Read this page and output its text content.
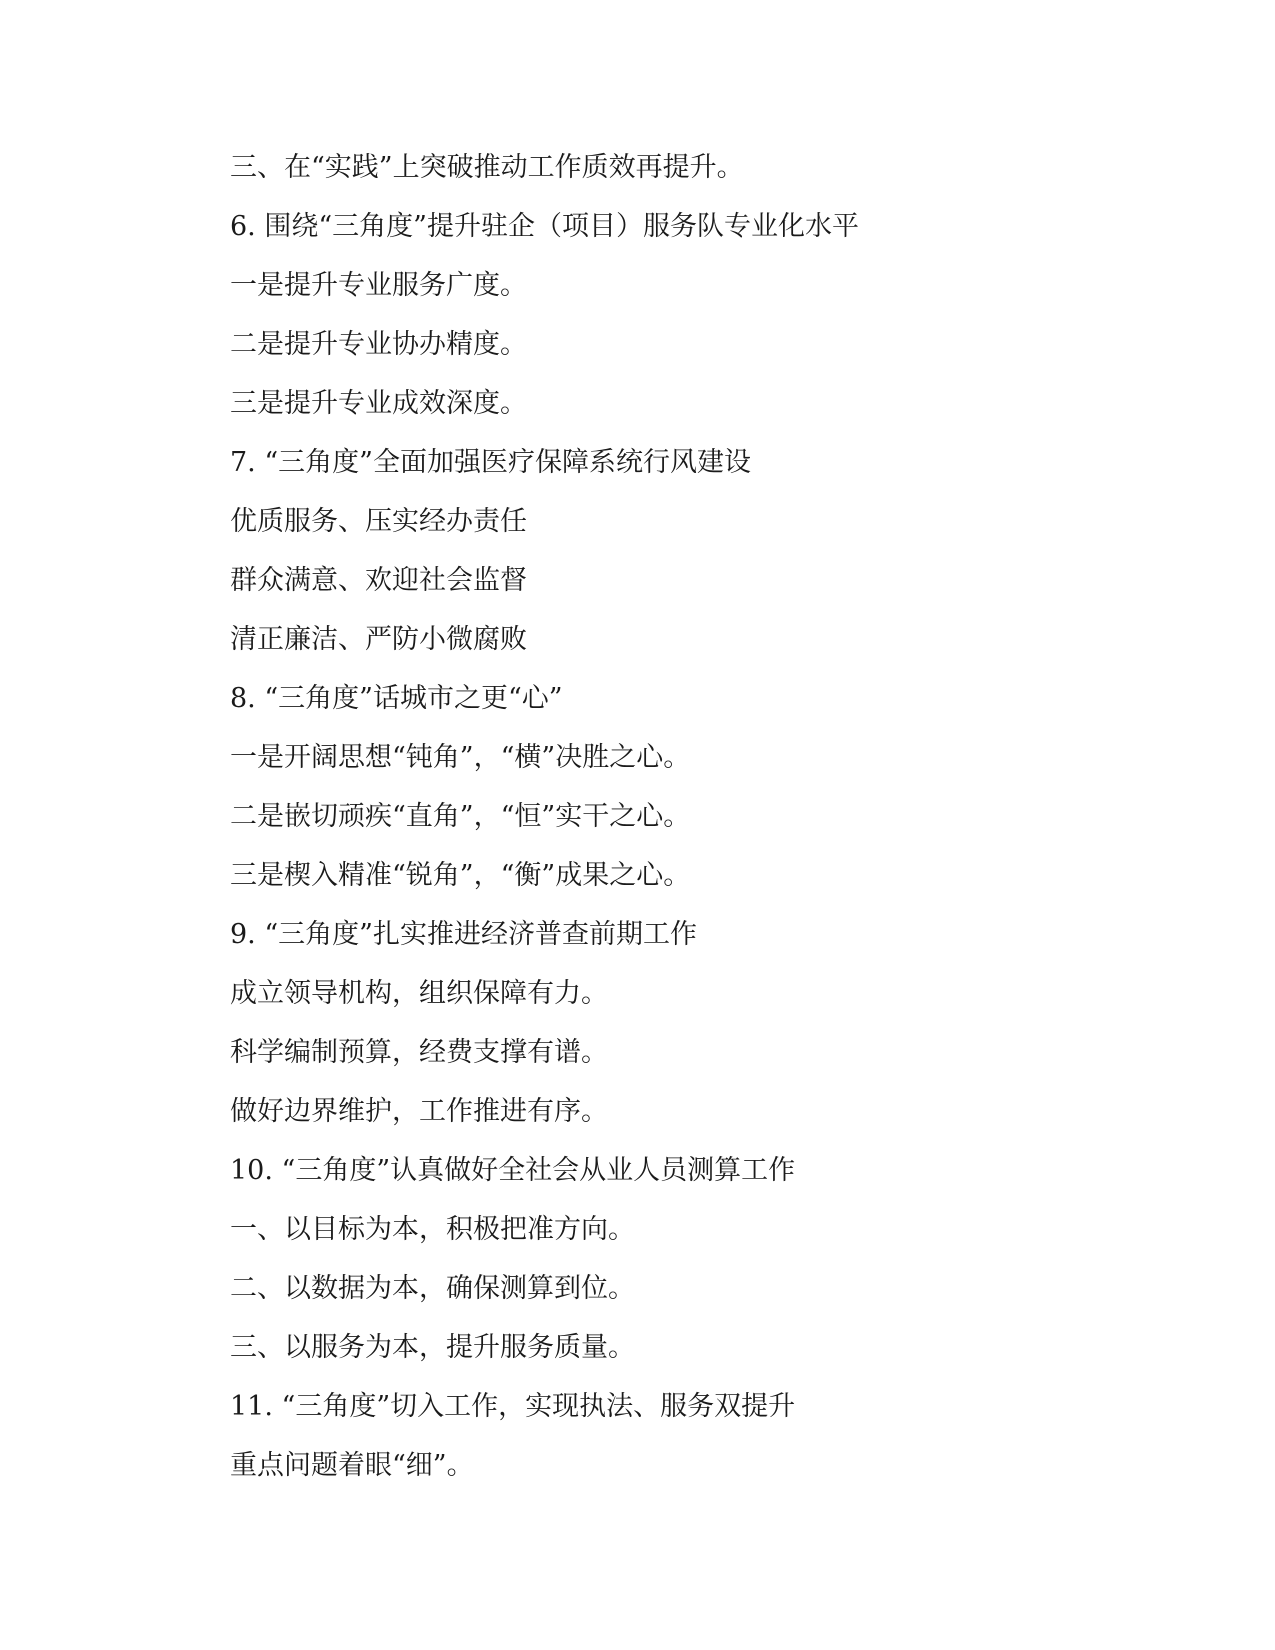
三、在“实践”上突破推动工作质效再提升。
6. 围绕“三角度”提升驻企（项目）服务队专业化水平
一是提升专业服务广度。
二是提升专业协办精度。
三是提升专业成效深度。
7. “三角度”全面加强医疗保障系统行风建设
优质服务、压实经办责任
群众满意、欢迎社会监督
清正廉洁、严防小微腐败
8. “三角度”话城市之更“心”
一是开阔思想“钝角”，“横”决胜之心。
二是嵌切顽疾“直角”，“恒”实干之心。
三是楔入精准“锐角”，“衡”成果之心。
9. “三角度”扎实推进经济普查前期工作
成立领导机构，组织保障有力。
科学编制预算，经费支撑有谱。
做好边界维护，工作推进有序。
10. “三角度”认真做好全社会从业人员测算工作
一、以目标为本，积极把准方向。
二、以数据为本，确保测算到位。
三、以服务为本，提升服务质量。
11. “三角度”切入工作，实现执法、服务双提升
重点问题着眼“细”。
